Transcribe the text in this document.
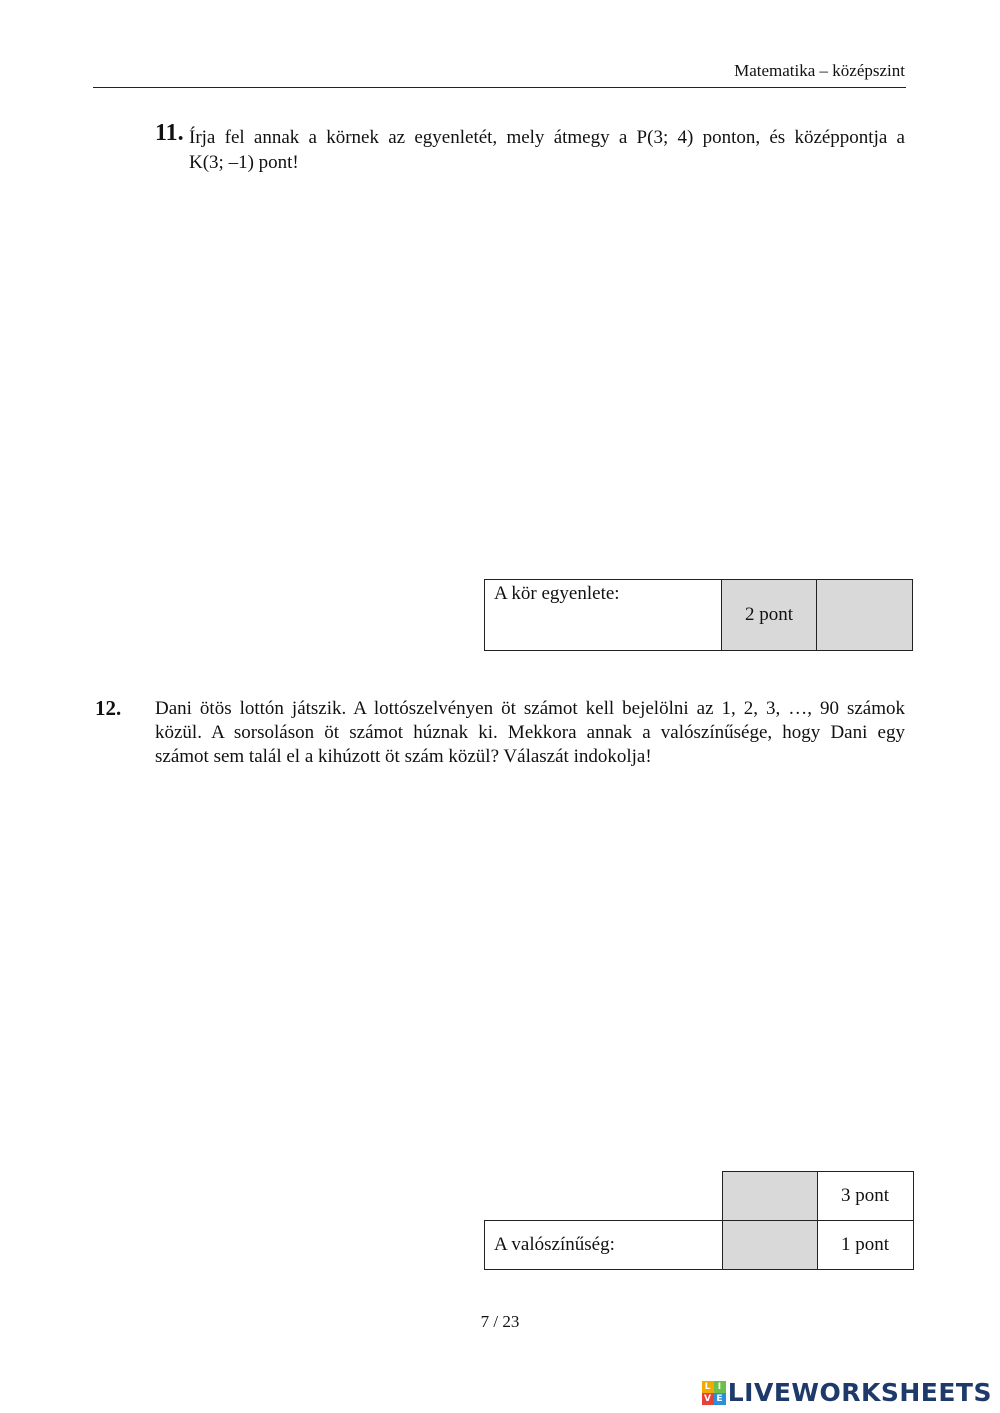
Matematika – középszint
11. Írja fel annak a körnek az egyenletét, mely átmegy a P(3; 4) ponton, és középpontja a
K(3; –1) pont!
A kör egyenlete:	2 pont	
12. Dani ötös lottón játszik. A lottószelvényen öt számot kell bejelölni az 1, 2, 3, …, 90 számok
közül. A sorsoláson öt számot húznak ki. Mekkora annak a valószínűsége, hogy Dani egy
számot sem talál el a kihúzott öt szám közül? Válaszát indokolja!
		3 pont
A valószínűség:		1 pont
7 / 23
L I
V E LIVEWORKSHEETS
